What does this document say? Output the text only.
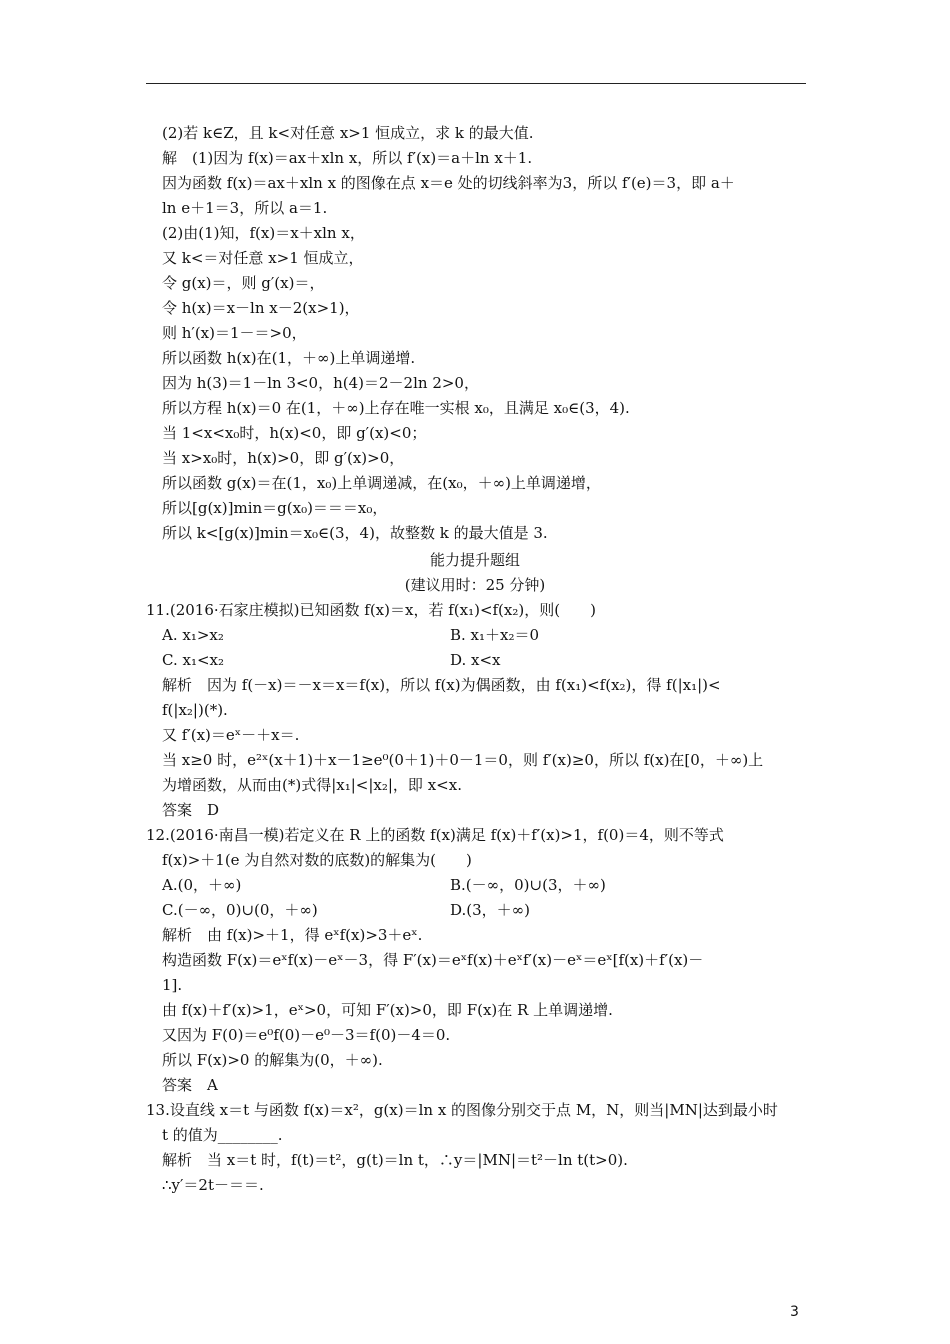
(2)若 k∈Z，且 k<对任意 x>1 恒成立，求 k 的最大值.
解　(1)因为 f(x)＝ax＋xln x，所以 f′(x)＝a＋ln x＋1.
因为函数 f(x)＝ax＋xln x 的图像在点 x＝e 处的切线斜率为3，所以 f′(e)＝3，即 a＋
ln e＋1＝3，所以 a＝1.
(2)由(1)知，f(x)＝x＋xln x，
又 k<＝对任意 x>1 恒成立，
令 g(x)＝，则 g′(x)＝，
令 h(x)＝x－ln x－2(x>1)，
则 h′(x)＝1－＝>0，
所以函数 h(x)在(1，＋∞)上单调递增.
因为 h(3)＝1－ln 3<0，h(4)＝2－2ln 2>0，
所以方程 h(x)＝0 在(1，＋∞)上存在唯一实根 x₀，且满足 x₀∈(3，4).
当 1<x<x₀时，h(x)<0，即 g′(x)<0；
当 x>x₀时，h(x)>0，即 g′(x)>0，
所以函数 g(x)＝在(1，x₀)上单调递减，在(x₀，＋∞)上单调递增，
所以[g(x)]min＝g(x₀)＝＝＝x₀，
所以 k<[g(x)]min＝x₀∈(3，4)，故整数 k 的最大值是 3.
能力提升题组
(建议用时：25 分钟)
11.(2016·石家庄模拟)已知函数 f(x)＝x，若 f(x₁)<f(x₂)，则(　　)
A. x₁>x₂	B. x₁＋x₂＝0
C. x₁<x₂	D. x<x
解析　因为 f(－x)＝－x＝x＝f(x)，所以 f(x)为偶函数，由 f(x₁)<f(x₂)，得 f(|x₁|)<
f(|x₂|)(*).
又 f′(x)＝eˣ－＋x＝.
当 x≥0 时，e²ˣ(x＋1)＋x－1≥e⁰(0＋1)＋0－1＝0，则 f′(x)≥0，所以 f(x)在[0，＋∞)上
为增函数，从而由(*)式得|x₁|<|x₂|，即 x<x.
答案　D
12.(2016·南昌一模)若定义在 R 上的函数 f(x)满足 f(x)＋f′(x)>1，f(0)＝4，则不等式
f(x)>＋1(e 为自然对数的底数)的解集为(　　)
A.(0，＋∞)	B.(－∞，0)∪(3，＋∞)
C.(－∞，0)∪(0，＋∞)	D.(3，＋∞)
解析　由 f(x)>＋1，得 eˣf(x)>3＋eˣ.
构造函数 F(x)＝eˣf(x)－eˣ－3，得 F′(x)＝eˣf(x)＋eˣf′(x)－eˣ＝eˣ[f(x)＋f′(x)－
1].
由 f(x)＋f′(x)>1，eˣ>0，可知 F′(x)>0，即 F(x)在 R 上单调递增.
又因为 F(0)＝e⁰f(0)－e⁰－3＝f(0)－4＝0.
所以 F(x)>0 的解集为(0，＋∞).
答案　A
13.设直线 x＝t 与函数 f(x)＝x²，g(x)＝ln x 的图像分别交于点 M，N，则当|MN|达到最小时
t 的值为________.
解析　当 x＝t 时，f(t)＝t²，g(t)＝ln t，∴y＝|MN|＝t²－ln t(t>0).
∴y′＝2t－＝＝.
3
